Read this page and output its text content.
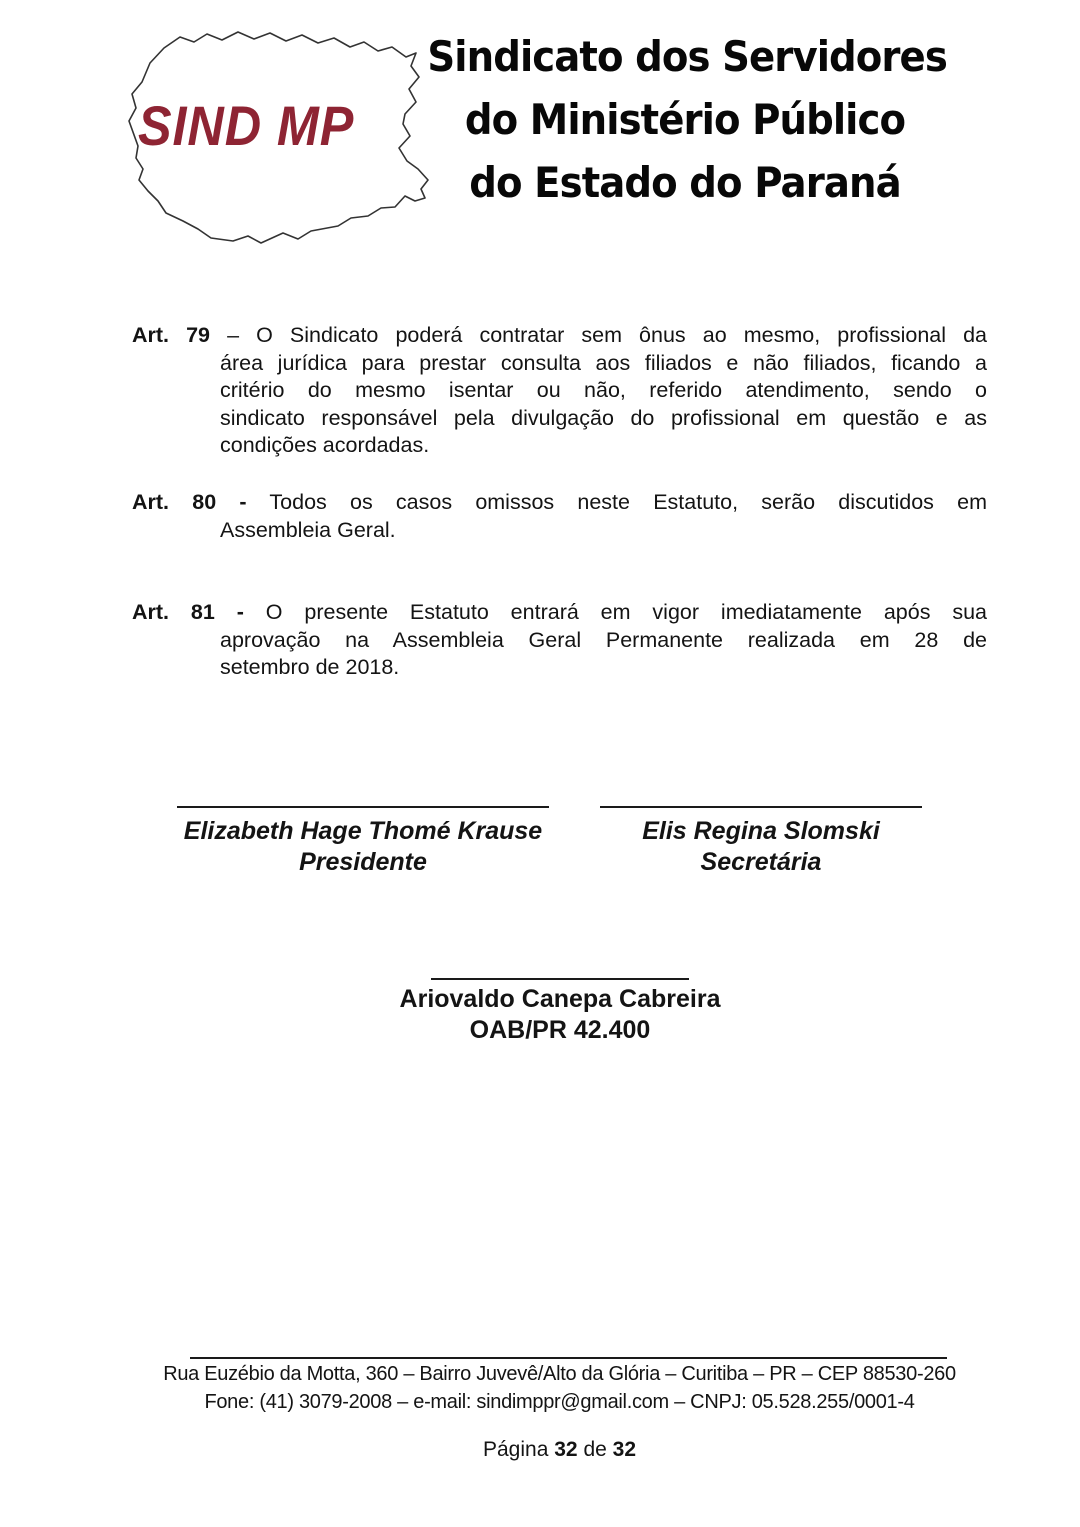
SIND MP
Sindicato dos Servidores
do Ministério Público
do Estado do Paraná
Art. 79 – O Sindicato poderá contratar sem ônus ao mesmo, profissional da
área jurídica para prestar consulta aos filiados e não filiados, ficando a
critério do mesmo isentar ou não, referido atendimento, sendo o
sindicato responsável pela divulgação do profissional em questão e as
condições acordadas.
Art. 80 - Todos os casos omissos neste Estatuto, serão discutidos em
Assembleia Geral.
Art. 81 - O presente Estatuto entrará em vigor imediatamente após sua
aprovação na Assembleia Geral Permanente realizada em 28 de
setembro de 2018.
Elizabeth Hage Thomé Krause
Presidente
Elis Regina Slomski
Secretária
Ariovaldo Canepa Cabreira
OAB/PR 42.400
Rua Euzébio da Motta, 360 – Bairro Juvevê/Alto da Glória – Curitiba – PR – CEP 88530-260
Fone: (41) 3079-2008 – e-mail: sindimppr@gmail.com – CNPJ: 05.528.255/0001-4
Página 32 de 32
